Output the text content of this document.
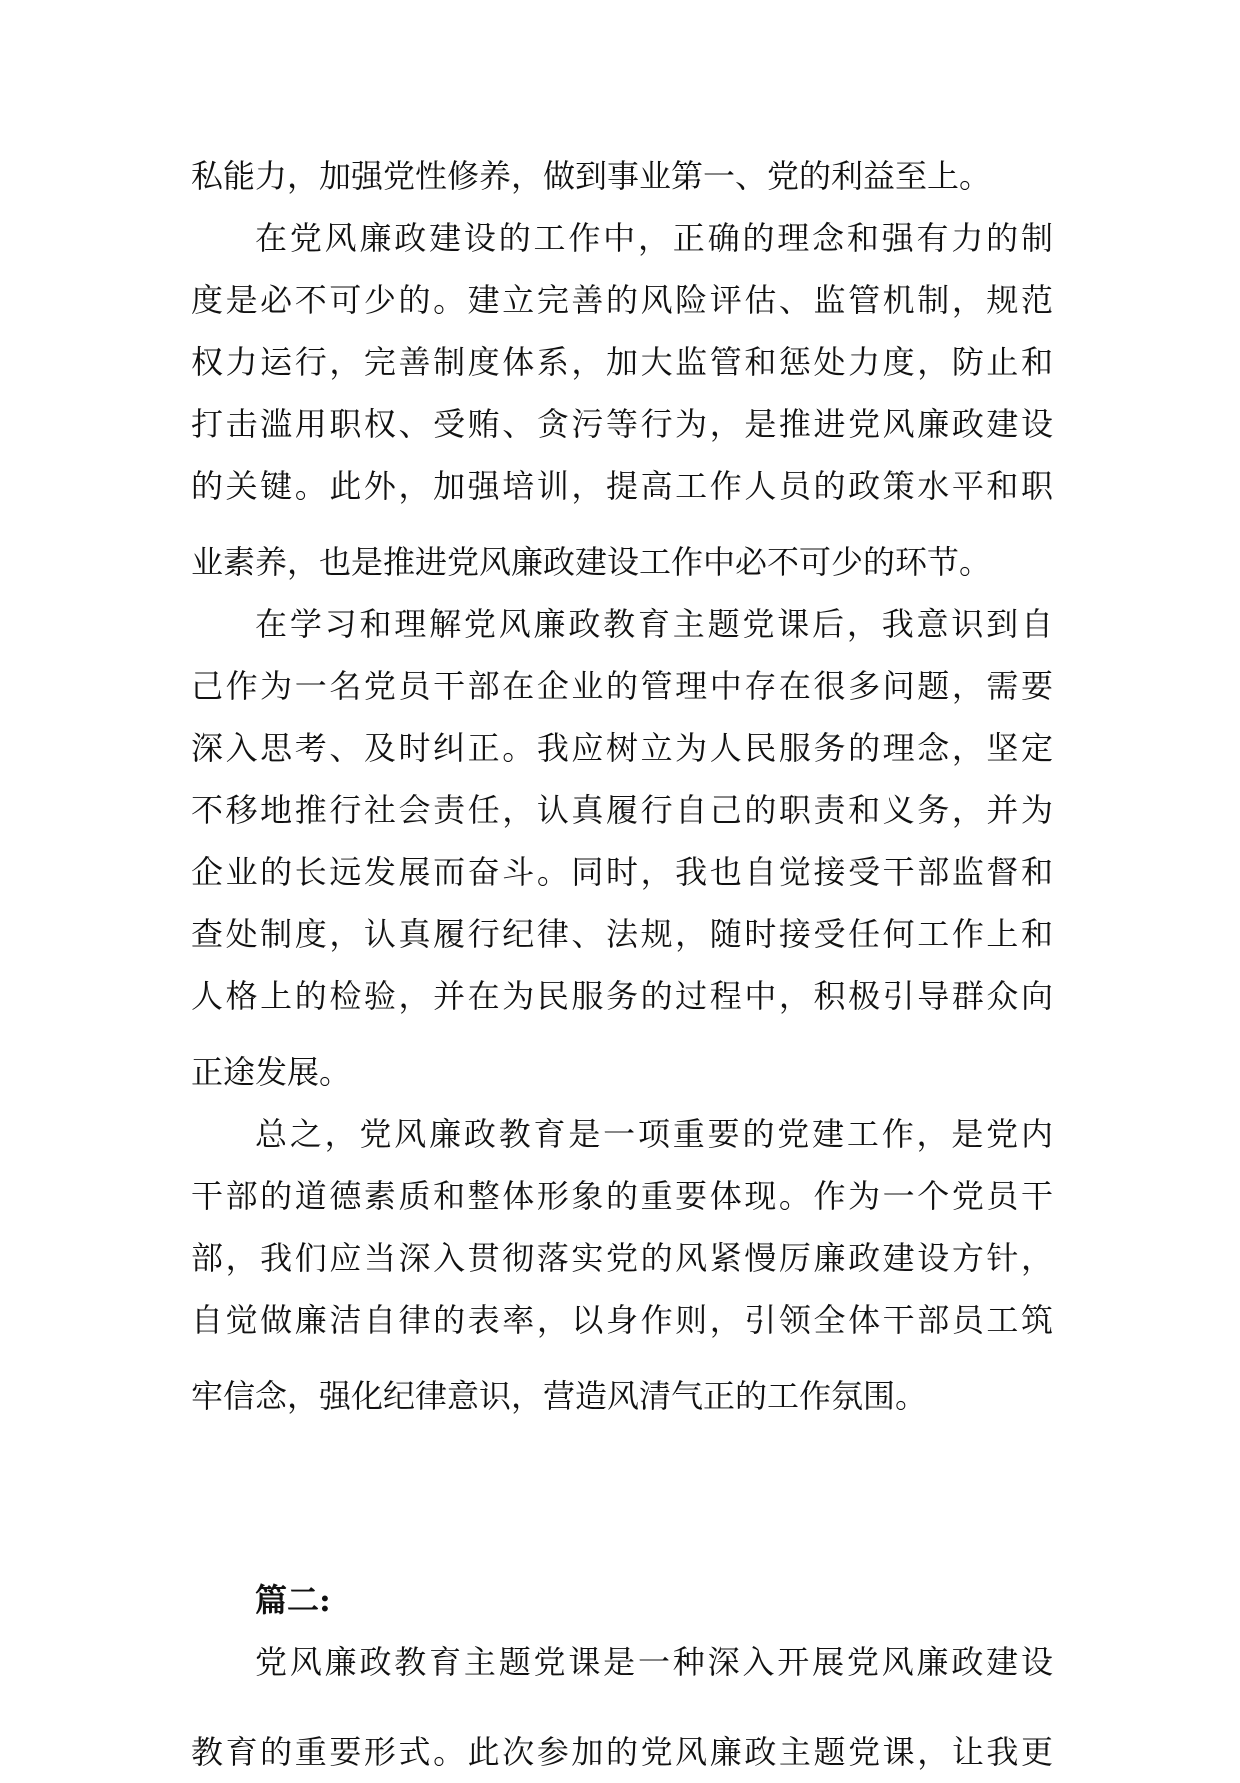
私能力，加强党性修养，做到事业第一、党的利益至上。
在党风廉政建设的工作中，正确的理念和强有力的制
度是必不可少的。建立完善的风险评估、监管机制，规范
权力运行，完善制度体系，加大监管和惩处力度，防止和
打击滥用职权、受贿、贪污等行为，是推进党风廉政建设
的关键。此外，加强培训，提高工作人员的政策水平和职
业素养，也是推进党风廉政建设工作中必不可少的环节。
在学习和理解党风廉政教育主题党课后，我意识到自
己作为一名党员干部在企业的管理中存在很多问题，需要
深入思考、及时纠正。我应树立为人民服务的理念，坚定
不移地推行社会责任，认真履行自己的职责和义务，并为
企业的长远发展而奋斗。同时，我也自觉接受干部监督和
查处制度，认真履行纪律、法规，随时接受任何工作上和
人格上的检验，并在为民服务的过程中，积极引导群众向
正途发展。
总之，党风廉政教育是一项重要的党建工作，是党内
干部的道德素质和整体形象的重要体现。作为一个党员干
部，我们应当深入贯彻落实党的风紧慢厉廉政建设方针，
自觉做廉洁自律的表率，以身作则，引领全体干部员工筑
牢信念，强化纪律意识，营造风清气正的工作氛围。
篇二:
党风廉政教育主题党课是一种深入开展党风廉政建设
教育的重要形式。此次参加的党风廉政主题党课，让我更
